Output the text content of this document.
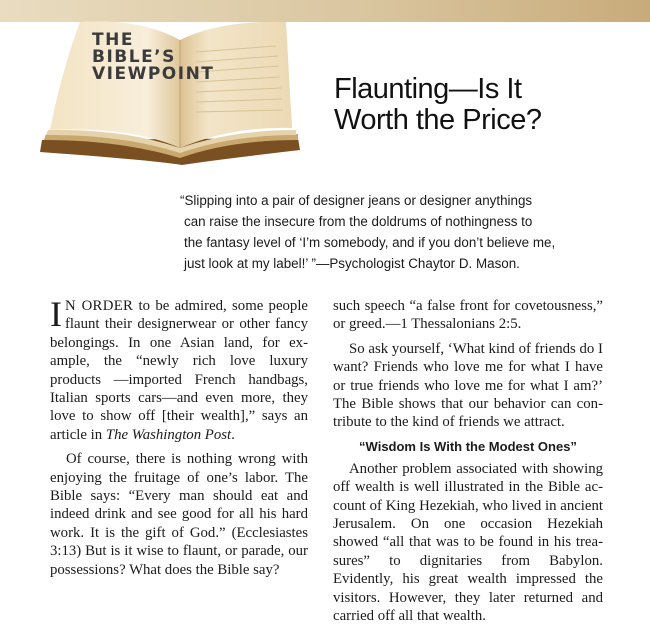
THE
BIBLE’S
VIEWPOINT	Flaunting—Is It
Worth the Price?
“Slipping into a pair of designer jeans or designer anythings
can raise the insecure from the doldrums of nothingness to
the fantasy level of ‘I’m somebody, and if you don’t believe me,
just look at my label!’ ”—Psychologist Chaytor D. Mason.

I N ORDER to be admired, some people flaunt their designerwear or other fancy belongings. In one Asian land, for example, the “newly rich love luxury products —imported French handbags, Italian sports cars—and even more, they love to show off [their wealth],” says an article in The Washington Post.

Of course, there is nothing wrong with enjoying the fruitage of one’s labor. The Bible says: “Every man should eat and indeed drink and see good for all his hard work. It is the gift of God.” (Ecclesiastes 3:13) But is it wise to flaunt, or parade, our possessions? What does the Bible say?

such speech “a false front for covetousness,” or greed.—1 Thessalonians 2:5.

So ask yourself, ‘What kind of friends do I want? Friends who love me for what I have or true friends who love me for what I am?’ The Bible shows that our behavior can contribute to the kind of friends we attract.

“Wisdom Is With the Modest Ones”

Another problem associated with showing off wealth is well illustrated in the Bible account of King Hezekiah, who lived in ancient Jerusalem. On one occasion Hezekiah showed “all that was to be found in his treasures” to dignitaries from Babylon. Evidently, his great wealth impressed the visitors. However, they later returned and carried off all that wealth.
